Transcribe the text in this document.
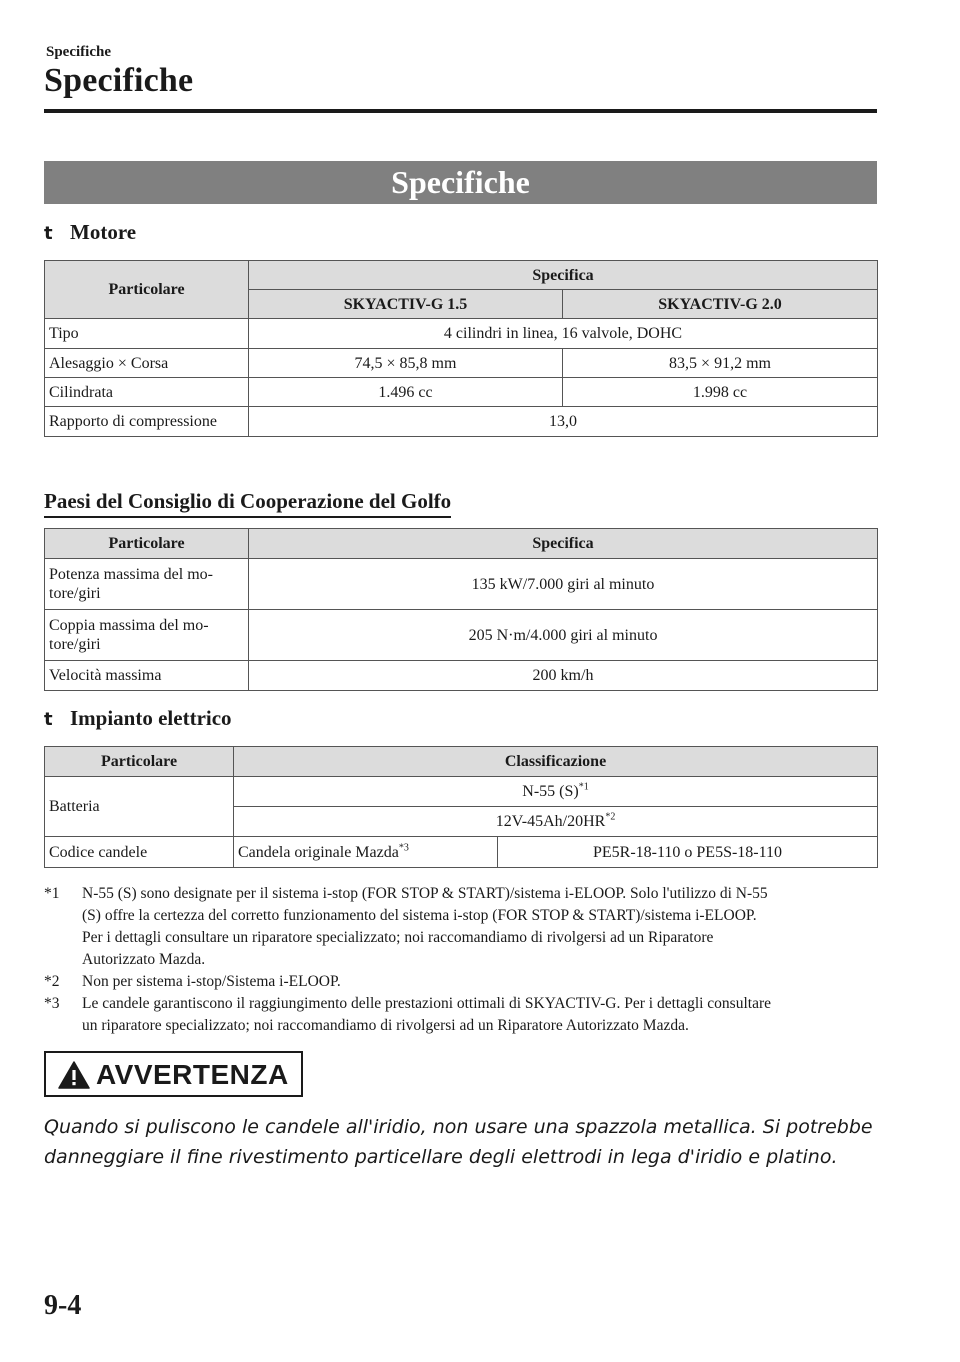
Specifiche
Specifiche
Specifiche
t Motore
Particolare	Specifica	
	SKYACTIV-G 1.5	SKYACTIV-G 2.0
Tipo	4 cilindri in linea, 16 valvole, DOHC	
Alesaggio × Corsa	74,5 × 85,8 mm	83,5 × 91,2 mm
Cilindrata	1.496 cc	1.998 cc
Rapporto di compressione	13,0	
Paesi del Consiglio di Cooperazione del Golfo
Particolare	Specifica
Potenza massima del mo-
tore/giri	135 kW/7.000 giri al minuto
Coppia massima del mo-
tore/giri	205 N·m/4.000 giri al minuto
Velocità massima	200 km/h
t Impianto elettrico
Particolare	Classificazione	
Batteria	N-55 $(S)^{*1}$
	12V-45Ah/20HR$^{*2}$
Codice candele	Candela originale Mazda$^{*3}$	PE5R-18-110 o PE5S-18-110
*1 N-55 (S) sono designate per il sistema i-stop (FOR STOP & START)/sistema i-ELOOP. Solo l'utilizzo di N-55
(S) offre la certezza del corretto funzionamento del sistema i-stop (FOR STOP & START)/sistema i-ELOOP.
Per i dettagli consultare un riparatore specializzato; noi raccomandiamo di rivolgersi ad un Riparatore
Autorizzato Mazda.
*2 Non per sistema i-stop/Sistema i-ELOOP.
*3 Le candele garantiscono il raggiungimento delle prestazioni ottimali di SKYACTIV-G. Per i dettagli consultare
un riparatore specializzato; noi raccomandiamo di rivolgersi ad un Riparatore Autorizzato Mazda.
AVVERTENZA
Quando si puliscono le candele all'iridio, non usare una spazzola metallica. Si potrebbe
danneggiare il fine rivestimento particellare degli elettrodi in lega d'iridio e platino.
9-4
